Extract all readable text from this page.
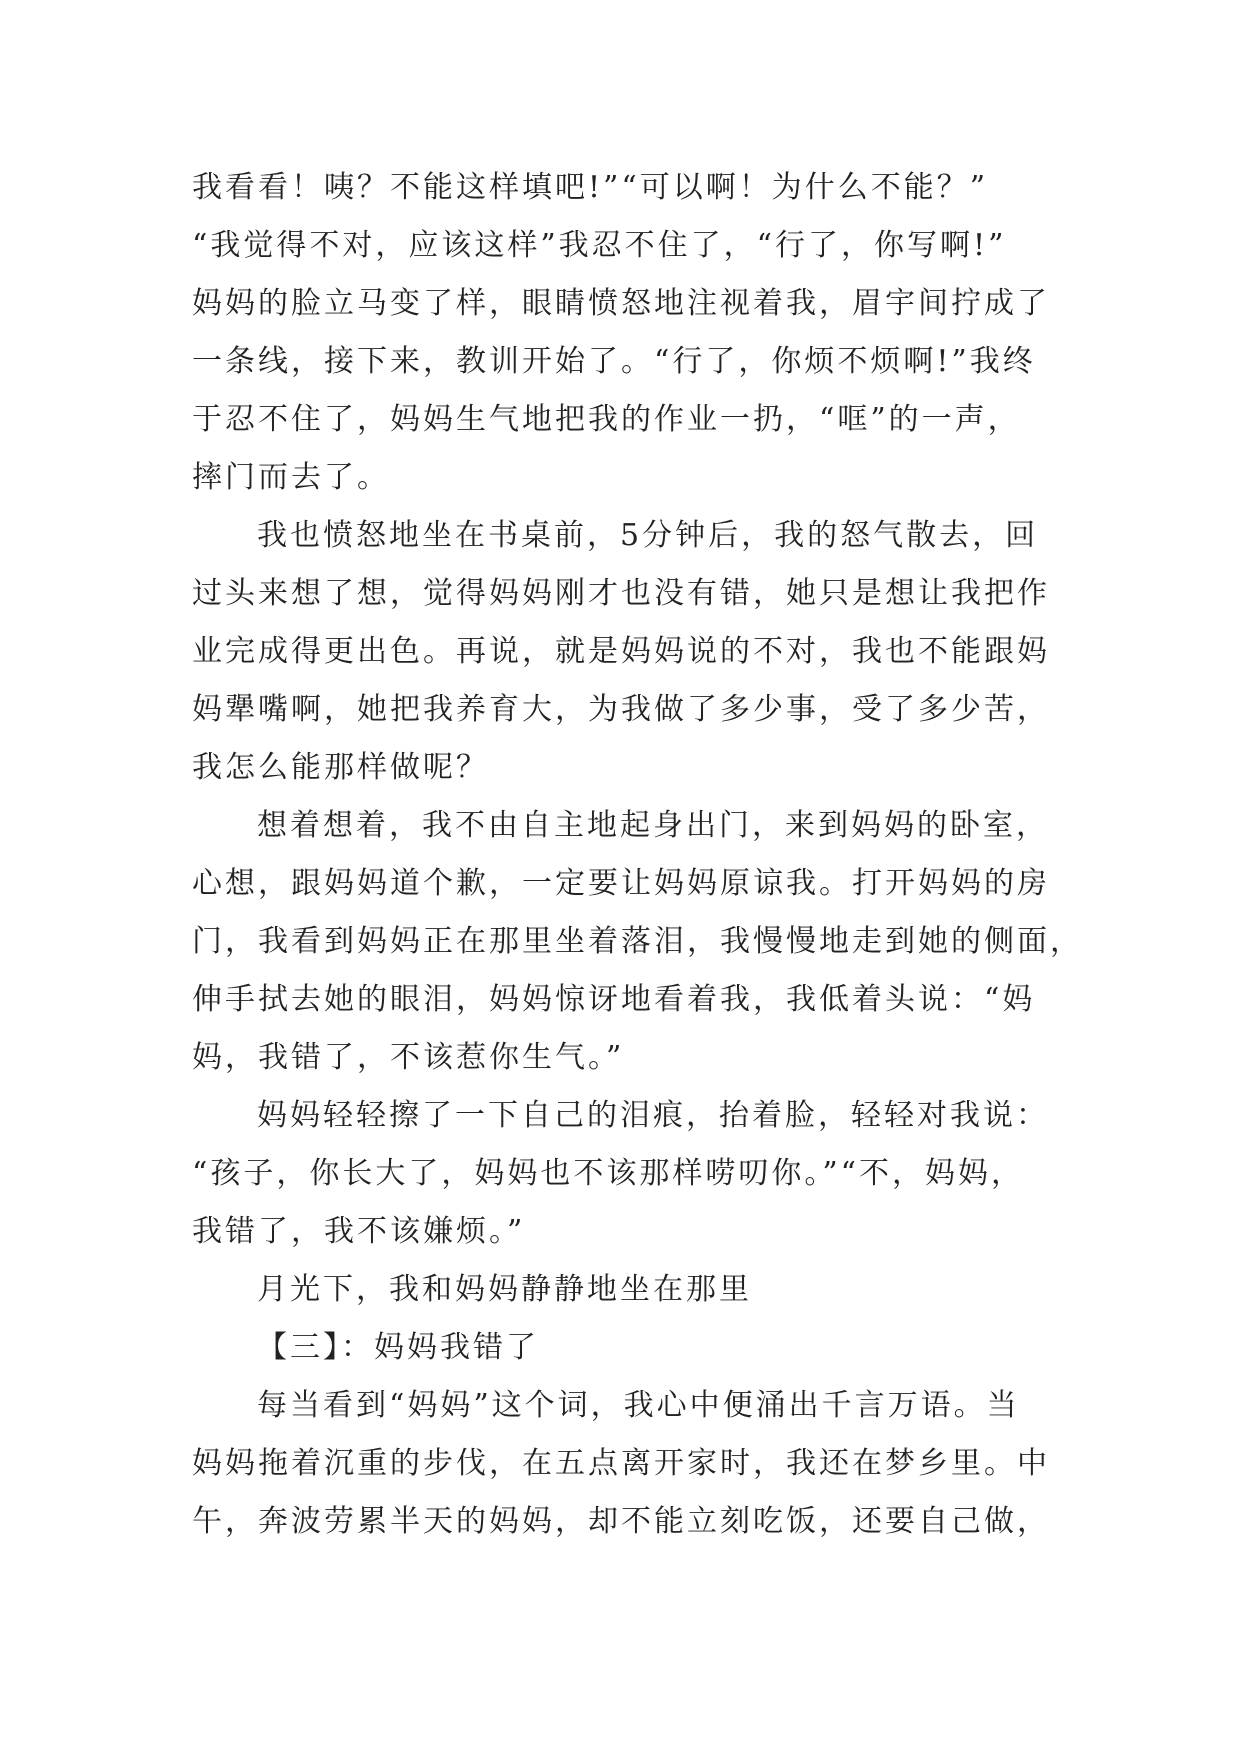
我看看！咦？不能这样填吧!”“可以啊！为什么不能？”
“我觉得不对，应该这样”我忍不住了，“行了，你写啊!”
妈妈的脸立马变了样，眼睛愤怒地注视着我，眉宇间拧成了
一条线，接下来，教训开始了。“行了，你烦不烦啊!”我终
于忍不住了，妈妈生气地把我的作业一扔，“哐”的一声，
摔门而去了。
我也愤怒地坐在书桌前，5分钟后，我的怒气散去，回
过头来想了想，觉得妈妈刚才也没有错，她只是想让我把作
业完成得更出色。再说，就是妈妈说的不对，我也不能跟妈
妈犟嘴啊，她把我养育大，为我做了多少事，受了多少苦，
我怎么能那样做呢？
想着想着，我不由自主地起身出门，来到妈妈的卧室，
心想，跟妈妈道个歉，一定要让妈妈原谅我。打开妈妈的房
门，我看到妈妈正在那里坐着落泪，我慢慢地走到她的侧面，
伸手拭去她的眼泪，妈妈惊讶地看着我，我低着头说：“妈
妈，我错了，不该惹你生气。”
妈妈轻轻擦了一下自己的泪痕，抬着脸，轻轻对我说：
“孩子，你长大了，妈妈也不该那样唠叨你。”“不，妈妈，
我错了，我不该嫌烦。”
月光下，我和妈妈静静地坐在那里
【三】：妈妈我错了
每当看到“妈妈”这个词，我心中便涌出千言万语。当
妈妈拖着沉重的步伐，在五点离开家时，我还在梦乡里。中
午，奔波劳累半天的妈妈，却不能立刻吃饭，还要自己做，
